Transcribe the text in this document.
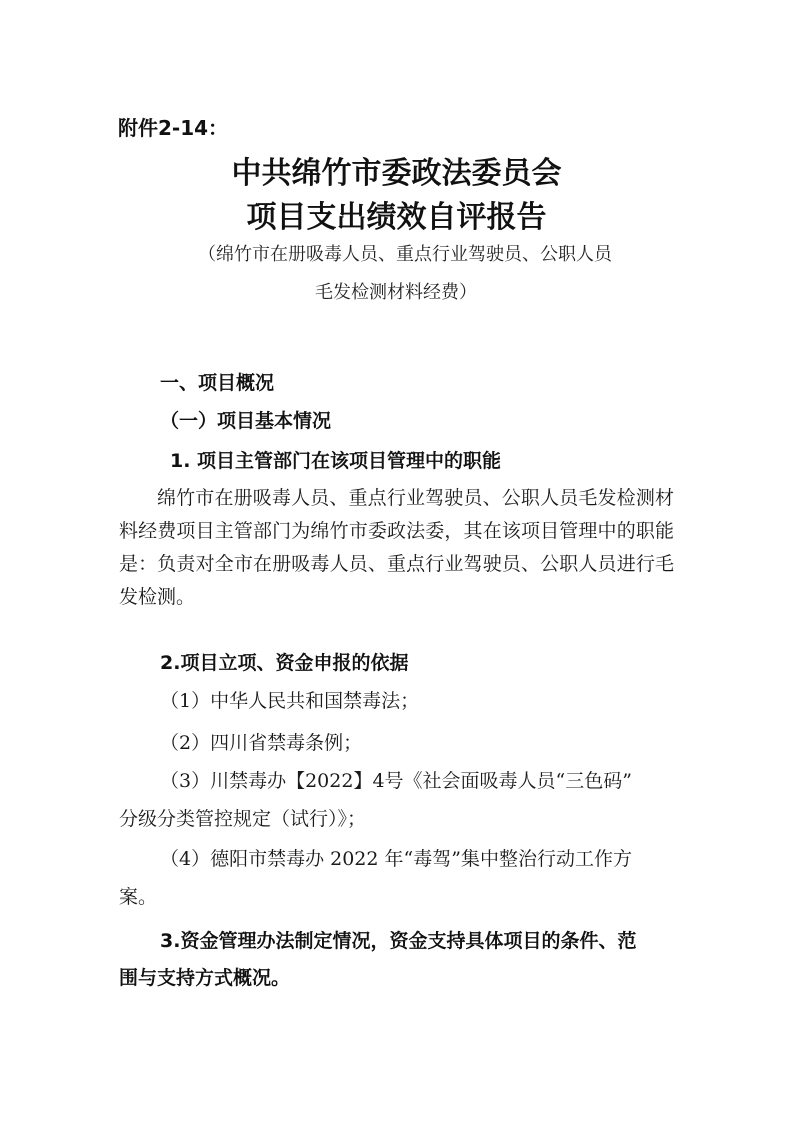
附件2-14：
中共绵竹市委政法委员会
项目支出绩效自评报告
（绵竹市在册吸毒人员、重点行业驾驶员、公职人员
毛发检测材料经费）
一、项目概况
（一）项目基本情况
1. 项目主管部门在该项目管理中的职能
绵竹市在册吸毒人员、重点行业驾驶员、公职人员毛发检测材料经费项目主管部门为绵竹市委政法委，其在该项目管理中的职能是：负责对全市在册吸毒人员、重点行业驾驶员、公职人员进行毛发检测。
2.项目立项、资金申报的依据
（1）中华人民共和国禁毒法；
（2）四川省禁毒条例；
（3）川禁毒办【2022】4号《社会面吸毒人员“三色码”
分级分类管控规定（试行）》；
（4）德阳市禁毒办 2022 年“毒驾”集中整治行动工作方
案。
3.资金管理办法制定情况，资金支持具体项目的条件、范
围与支持方式概况。
